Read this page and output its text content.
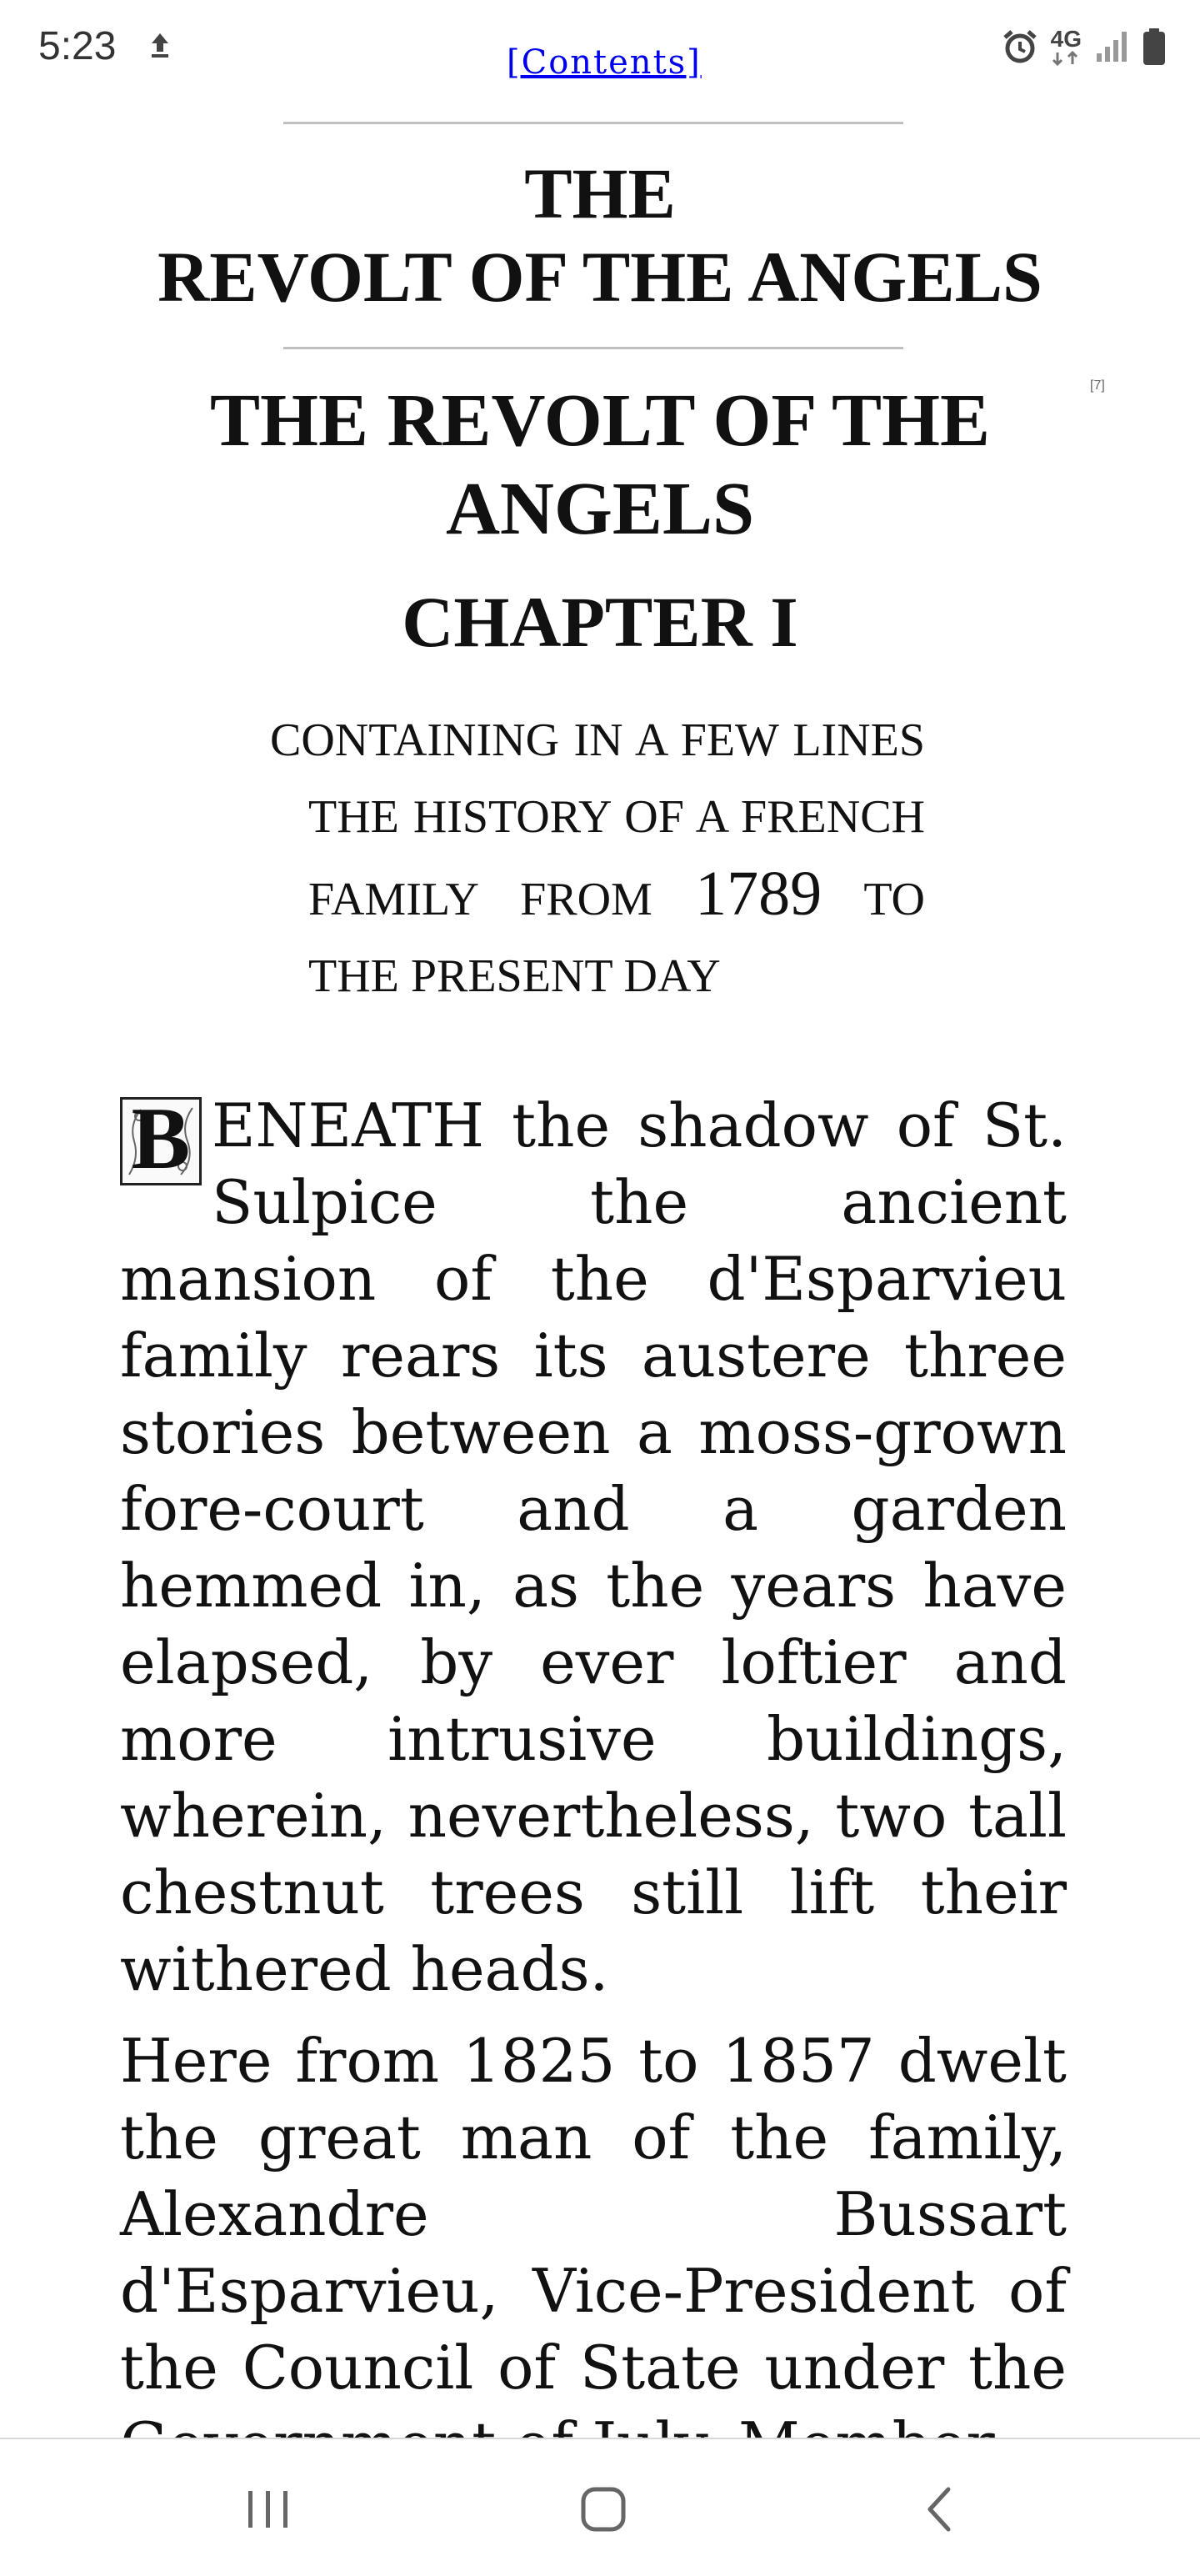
5:23	4G
[Contents]
THE
REVOLT OF THE ANGELS
[7]
THE REVOLT OF THE
ANGELS
CHAPTER I
CONTAINING IN A FEW LINES THE HISTORY OF A FRENCH FAMILY FROM 1789 TO THE PRESENT DAY

B ENEATH the shadow of St. Sulpice the ancient mansion of the d'Esparvieu family rears its austere three stories between a moss-grown fore-court and a garden hemmed in, as the years have elapsed, by ever loftier and more intrusive buildings, wherein, nevertheless, two tall chestnut trees still lift their withered heads.

Here from 1825 to 1857 dwelt the great man of the family, Alexandre Bussart d'Esparvieu, Vice-President of the Council of State under the
